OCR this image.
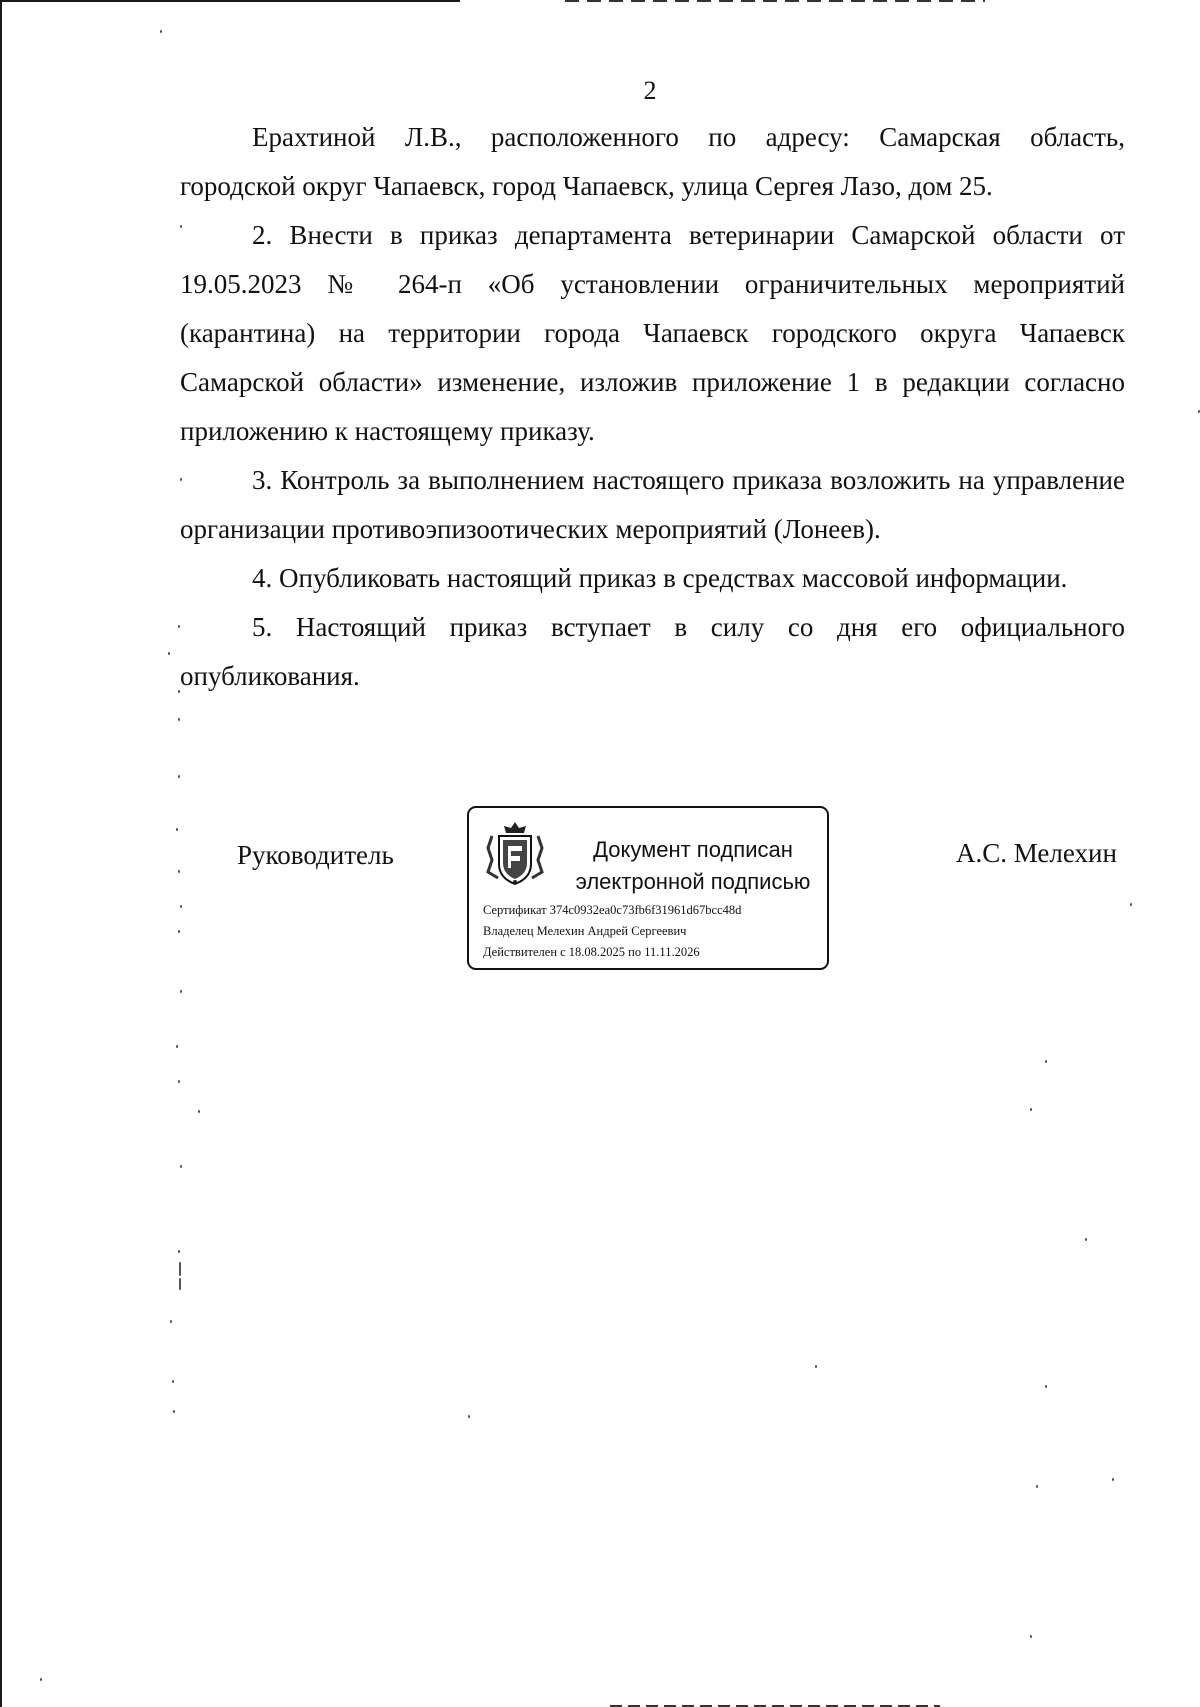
2

Ерахтиной Л.В., расположенного по адресу: Самарская область,

городской округ Чапаевск, город Чапаевск, улица Сергея Лазо, дом 25.

2. Внести в приказ департамента ветеринарии Самарской области от 19.05.2023 № 264-п «Об установлении ограничительных мероприятий (карантина) на территории города Чапаевск городского округа Чапаевск Самарской области» изменение, изложив приложение 1 в редакции согласно приложению к настоящему приказу.

3. Контроль за выполнением настоящего приказа возложить на управление организации противоэпизоотических мероприятий (Лонеев).

4. Опубликовать настоящий приказ в средствах массовой информации.

5. Настоящий приказ вступает в силу со дня его официального опубликования.

Руководитель	Документ подписан
электронной подписью
Сертификат 374c0932ea0c73fb6f31961d67bcc48d
Владелец Мелехин Андрей Сергеевич
Действителен с 18.08.2025 по 11.11.2026
А.С. Мелехин
